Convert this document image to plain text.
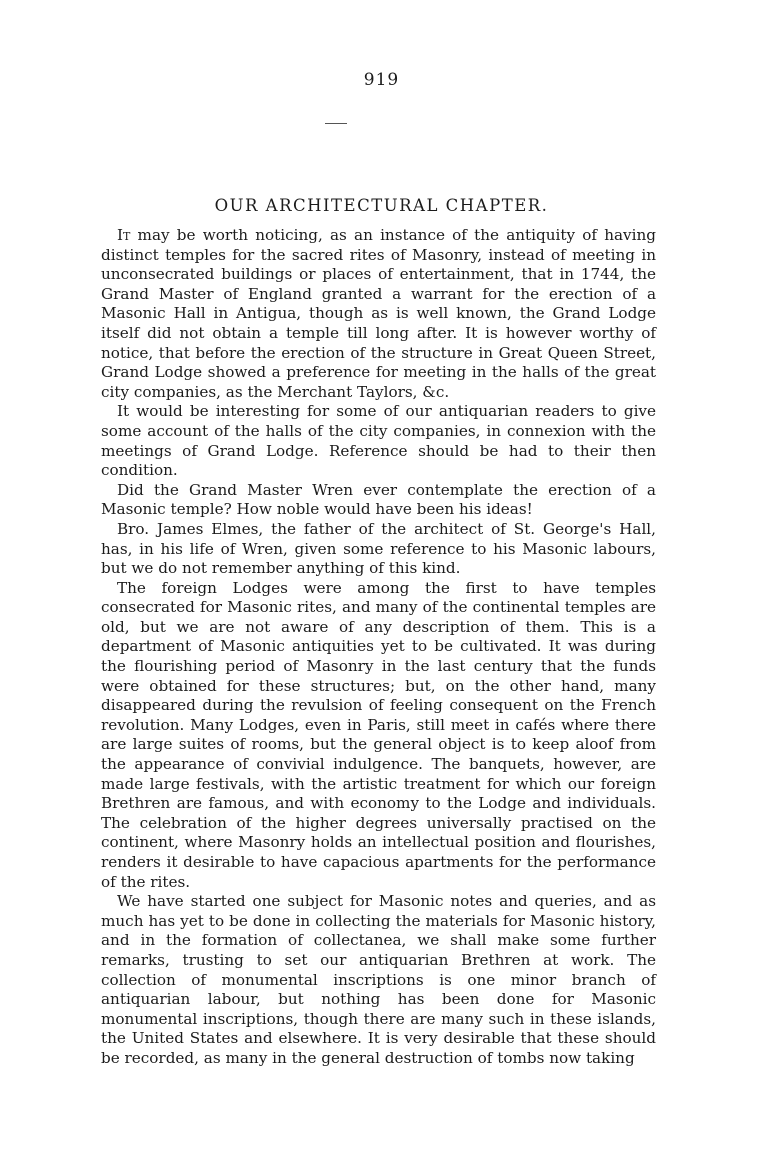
919
OUR ARCHITECTURAL CHAPTER.

It may be worth noticing, as an instance of the antiquity of having distinct temples for the sacred rites of Masonry, instead of meeting in unconsecrated buildings or places of entertainment, that in 1744, the Grand Master of England granted a warrant for the erection of a Masonic Hall in Antigua, though as is well known, the Grand Lodge itself did not obtain a temple till long after. It is however worthy of notice, that before the erection of the structure in Great Queen Street, Grand Lodge showed a preference for meeting in the halls of the great city companies, as the Merchant Taylors, &c.

It would be interesting for some of our antiquarian readers to give some account of the halls of the city companies, in connexion with the meetings of Grand Lodge. Reference should be had to their then condition.

Did the Grand Master Wren ever contemplate the erection of a Masonic temple? How noble would have been his ideas!

Bro. James Elmes, the father of the architect of St. George's Hall, has, in his life of Wren, given some reference to his Masonic labours, but we do not remember anything of this kind.

The foreign Lodges were among the first to have temples consecrated for Masonic rites, and many of the continental temples are old, but we are not aware of any description of them. This is a department of Masonic antiquities yet to be cultivated. It was during the flourishing period of Masonry in the last century that the funds were obtained for these structures; but, on the other hand, many disappeared during the revulsion of feeling consequent on the French revolution. Many Lodges, even in Paris, still meet in cafés where there are large suites of rooms, but the general object is to keep aloof from the appearance of convivial indulgence. The banquets, however, are made large festivals, with the artistic treatment for which our foreign Brethren are famous, and with economy to the Lodge and individuals. The celebration of the higher degrees universally practised on the continent, where Masonry holds an intellectual position and flourishes, renders it desirable to have capacious apartments for the performance of the rites.

We have started one subject for Masonic notes and queries, and as much has yet to be done in collecting the materials for Masonic history, and in the formation of collectanea, we shall make some further remarks, trusting to set our antiquarian Brethren at work. The collection of monumental inscriptions is one minor branch of antiquarian labour, but nothing has been done for Masonic monumental inscriptions, though there are many such in these islands, the United States and elsewhere. It is very desirable that these should be recorded, as many in the general destruction of tombs now taking
